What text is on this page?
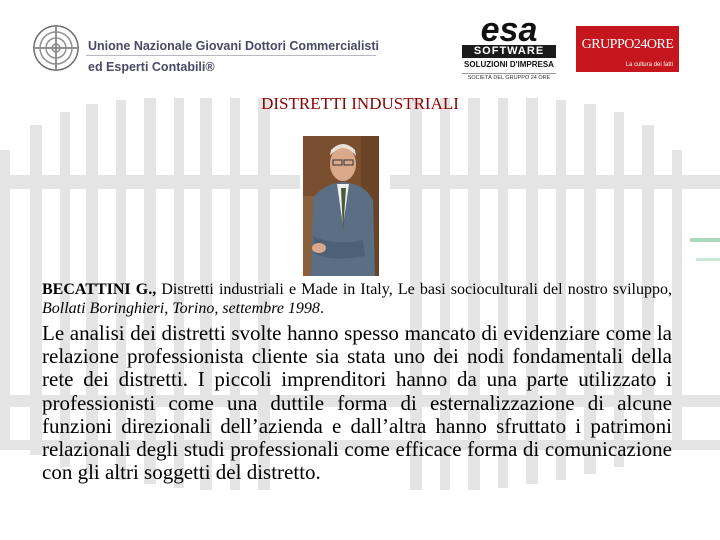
Unione Nazionale Giovani Dottori Commercialisti
ed Esperti Contabili®
esa
SOFTWARE
SOLUZIONI D'IMPRESA
SOCIETÀ DEL GRUPPO 24 ORE
GRUPPO24ORE
La cultura dei fatti
DISTRETTI INDUSTRIALI
BECATTINI G., Distretti industriali e Made in Italy, Le basi socioculturali del nostro sviluppo, Bollati Boringhieri, Torino, settembre 1998.
Le analisi dei distretti svolte hanno spesso mancato di evidenziare come la relazione professionista cliente sia stata uno dei nodi fondamentali della rete dei distretti. I piccoli imprenditori hanno da una parte utilizzato i professionisti come una duttile forma di esternalizzazione di alcune funzioni direzionali dell’azienda e dall’altra hanno sfruttato i patrimoni relazionali degli studi professionali come efficace forma di comunicazione con gli altri soggetti del distretto.
